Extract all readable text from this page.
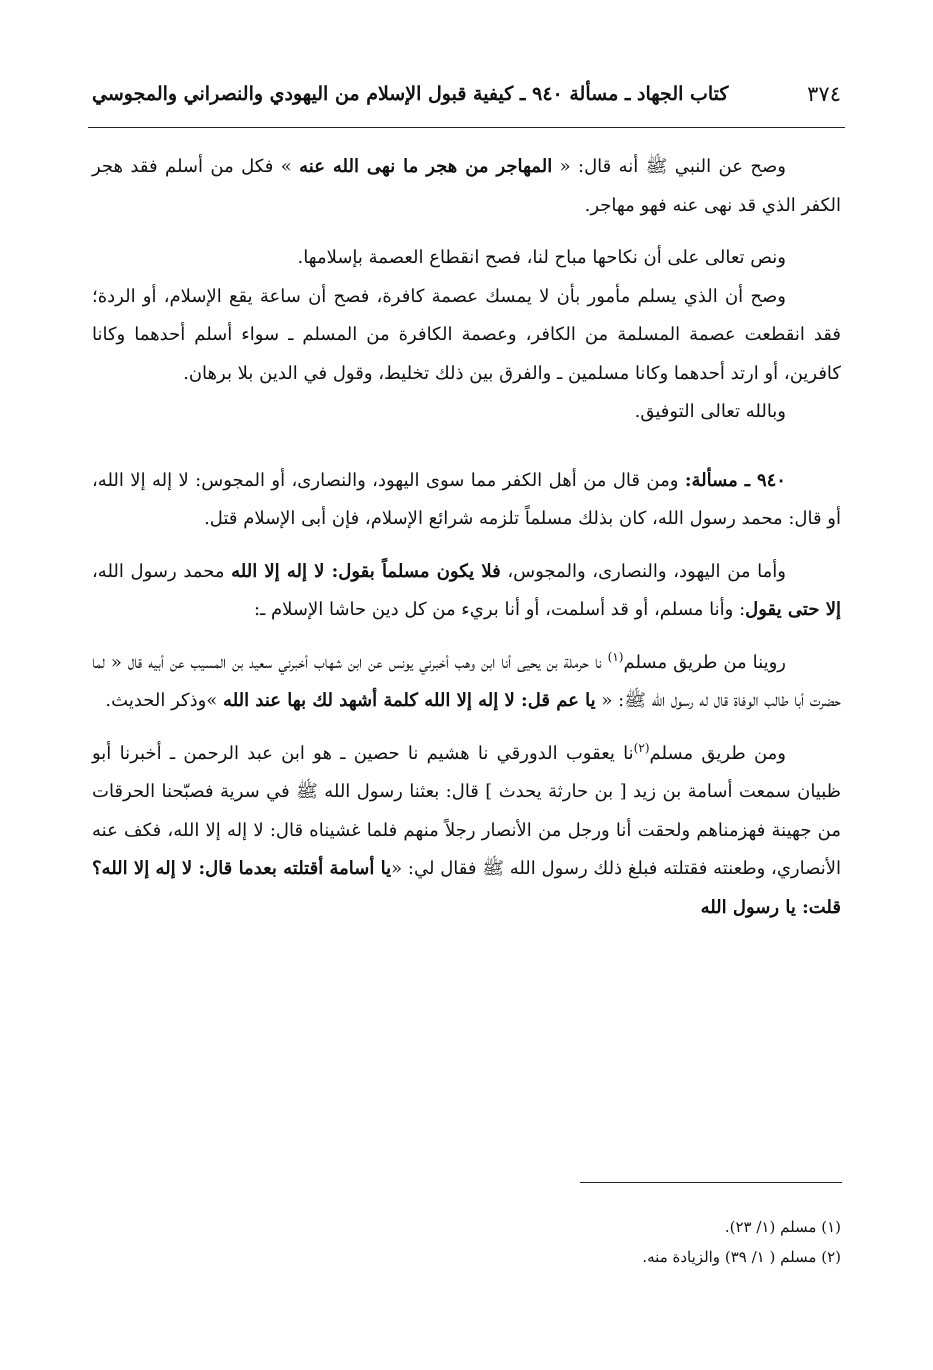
٣٧٤
كتاب الجهاد ـ مسألة ٩٤٠ ـ كيفية قبول الإسلام من اليهودي والنصراني والمجوسي

وصح عن النبي ﷺ أنه قال: « المهاجر من هجر ما نهى الله عنه » فكل من أسلم فقد هجر الكفر الذي قد نهى عنه فهو مهاجر.

ونص تعالى على أن نكاحها مباح لنا، فصح انقطاع العصمة بإسلامها.

وصح أن الذي يسلم مأمور بأن لا يمسك عصمة كافرة، فصح أن ساعة يقع الإسلام، أو الردة؛ فقد انقطعت عصمة المسلمة من الكافر، وعصمة الكافرة من المسلم ـ سواء أسلم أحدهما وكانا كافرين، أو ارتد أحدهما وكانا مسلمين ـ والفرق بين ذلك تخليط، وقول في الدين بلا برهان.

وبالله تعالى التوفيق.

٩٤٠ ـ مسألة: ومن قال من أهل الكفر مما سوى اليهود، والنصارى، أو المجوس: لا إله إلا الله، أو قال: محمد رسول الله، كان بذلك مسلماً تلزمه شرائع الإسلام، فإن أبى الإسلام قتل.

وأما من اليهود، والنصارى، والمجوس، فلا يكون مسلماً بقول: لا إله إلا الله محمد رسول الله، إلا حتى يقول: وأنا مسلم، أو قد أسلمت، أو أنا بريء من كل دين حاشا الإسلام ـ:

روينا من طريق مسلم$^{(١)}$ نا حرملة بن يحيى أنا ابن وهب أخبرني يونس عن ابن شهاب أخبرني سعيد بن المسيب عن أبيه قال « لما حضرت أبا طالب الوفاة قال له رسول الله ﷺ: « يا عم قل: لا إله إلا الله كلمة أشهد لك بها عند الله »وذكر الحديث.

ومن طريق مسلم$^{(٢)}$نا يعقوب الدورقي نا هشيم نا حصين ـ هو ابن عبد الرحمن ـ أخبرنا أبو ظبيان سمعت أسامة بن زيد [ بن حارثة يحدث ] قال: بعثنا رسول الله ﷺ في سرية فصبّحنا الحرقات من جهينة فهزمناهم ولحقت أنا ورجل من الأنصار رجلاً منهم فلما غشيناه قال: لا إله إلا الله، فكف عنه الأنصاري، وطعنته فقتلته فبلغ ذلك رسول الله ﷺ فقال لي: «يا أسامة أقتلته بعدما قال: لا إله إلا الله؟ قلت: يا رسول الله

(١) مسلم (١/ ٢٣).
(٢) مسلم ( ١/ ٣٩) والزيادة منه.
